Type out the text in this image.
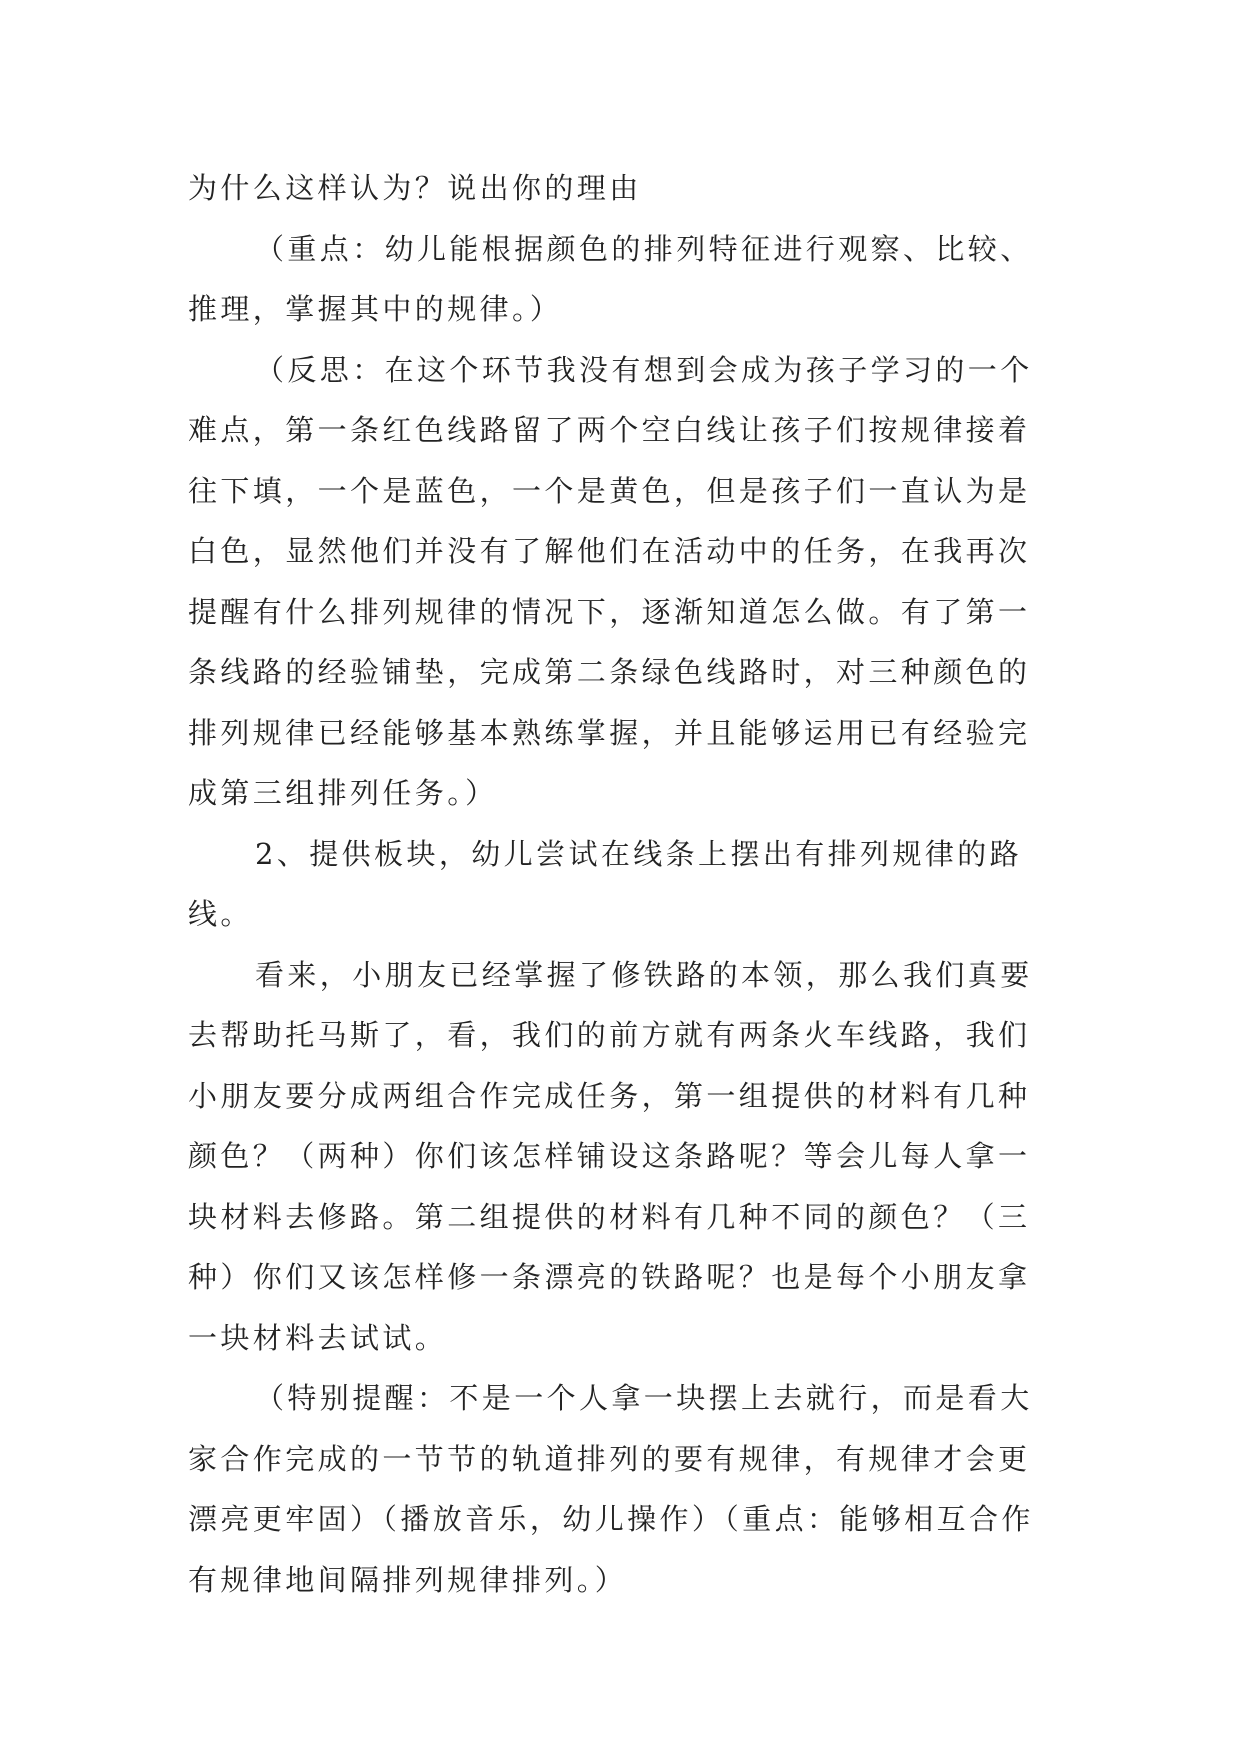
为什么这样认为？说出你的理由
（重点：幼儿能根据颜色的排列特征进行观察、比较、
推理，掌握其中的规律。）
（反思：在这个环节我没有想到会成为孩子学习的一个
难点，第一条红色线路留了两个空白线让孩子们按规律接着
往下填，一个是蓝色，一个是黄色，但是孩子们一直认为是
白色，显然他们并没有了解他们在活动中的任务，在我再次
提醒有什么排列规律的情况下，逐渐知道怎么做。有了第一
条线路的经验铺垫，完成第二条绿色线路时，对三种颜色的
排列规律已经能够基本熟练掌握，并且能够运用已有经验完
成第三组排列任务。）
2、提供板块，幼儿尝试在线条上摆出有排列规律的路
线。
看来，小朋友已经掌握了修铁路的本领，那么我们真要
去帮助托马斯了，看，我们的前方就有两条火车线路，我们
小朋友要分成两组合作完成任务，第一组提供的材料有几种
颜色？（两种）你们该怎样铺设这条路呢？等会儿每人拿一
块材料去修路。第二组提供的材料有几种不同的颜色？（三
种）你们又该怎样修一条漂亮的铁路呢？也是每个小朋友拿
一块材料去试试。
（特别提醒：不是一个人拿一块摆上去就行，而是看大
家合作完成的一节节的轨道排列的要有规律，有规律才会更
漂亮更牢固）（播放音乐，幼儿操作）（重点：能够相互合作
有规律地间隔排列规律排列。）
